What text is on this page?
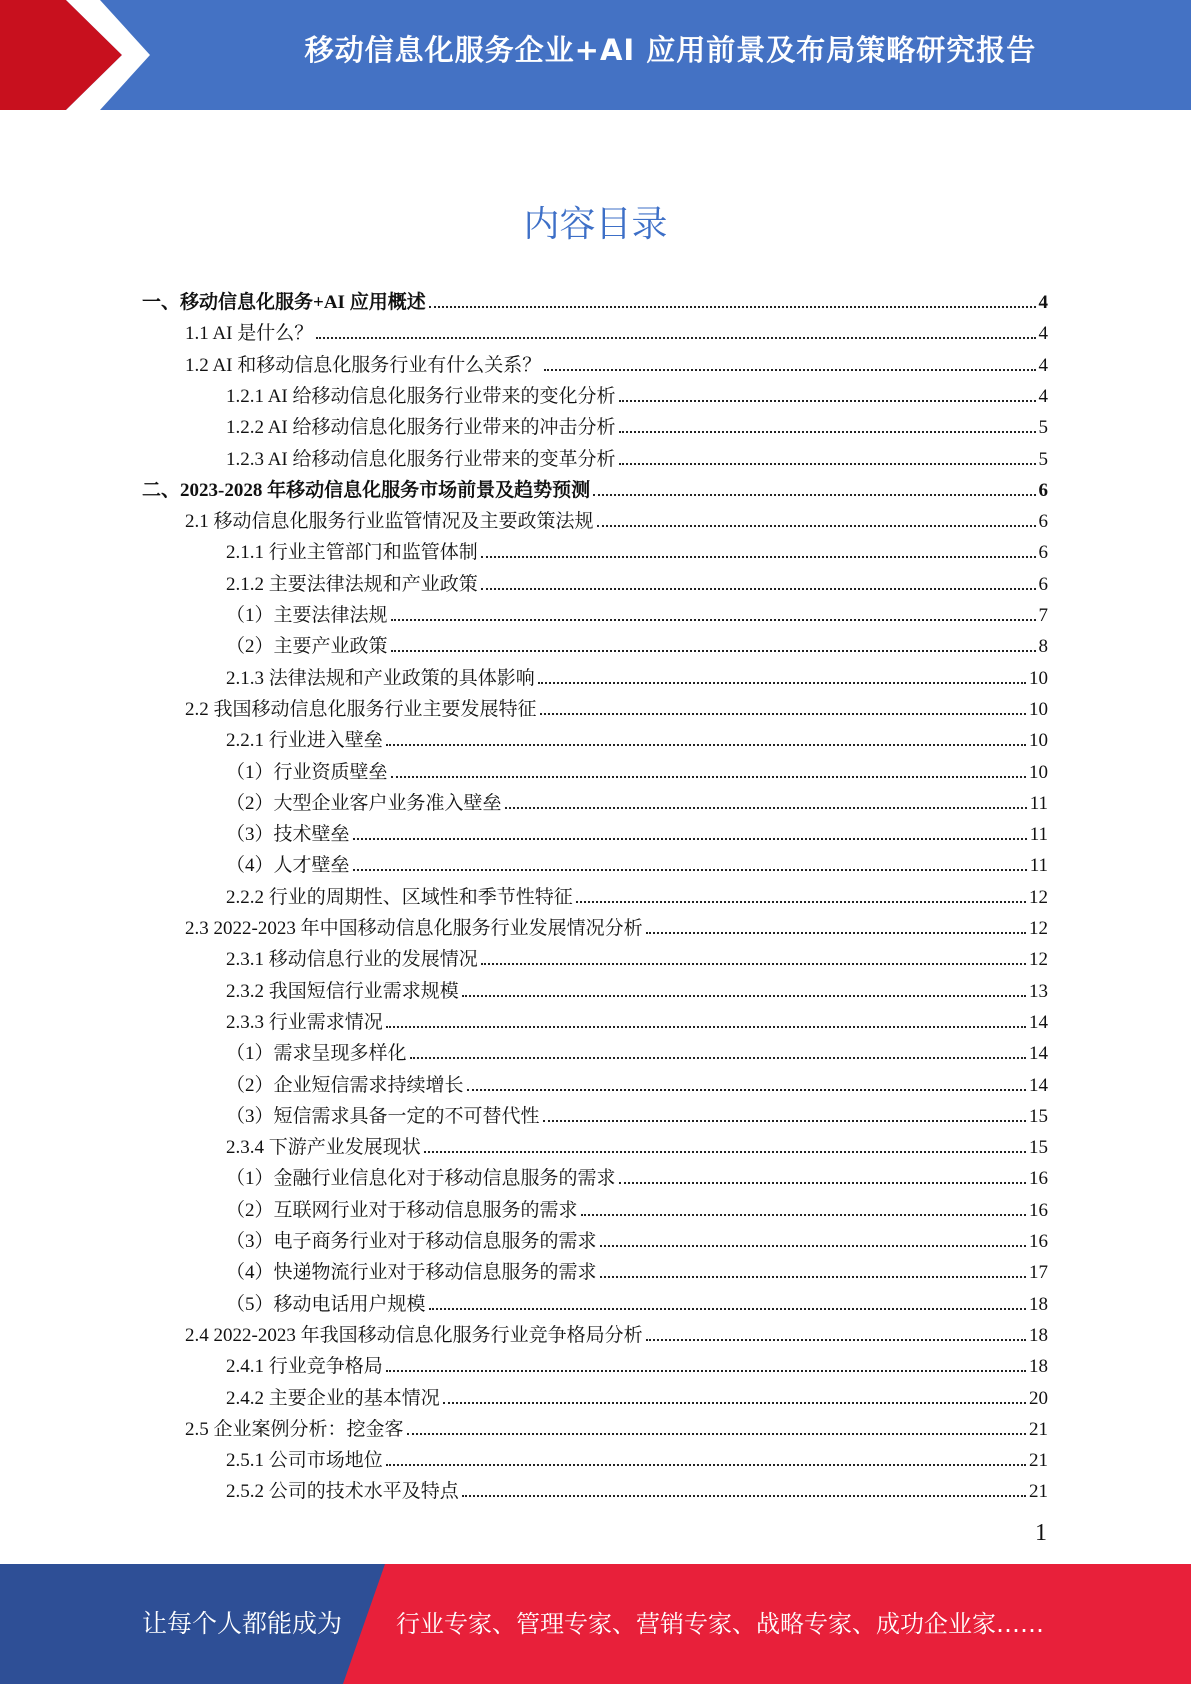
移动信息化服务企业+AI 应用前景及布局策略研究报告
内容目录
一、移动信息化服务+AI 应用概述	4
1.1 AI 是什么？	4
1.2 AI 和移动信息化服务行业有什么关系？	4
1.2.1 AI 给移动信息化服务行业带来的变化分析	4
1.2.2 AI 给移动信息化服务行业带来的冲击分析	5
1.2.3 AI 给移动信息化服务行业带来的变革分析	5
二、2023-2028 年移动信息化服务市场前景及趋势预测	6
2.1 移动信息化服务行业监管情况及主要政策法规	6
2.1.1 行业主管部门和监管体制	6
2.1.2 主要法律法规和产业政策	6
（1）主要法律法规	7
（2）主要产业政策	8
2.1.3 法律法规和产业政策的具体影响	10
2.2 我国移动信息化服务行业主要发展特征	10
2.2.1 行业进入壁垒	10
（1）行业资质壁垒	10
（2）大型企业客户业务准入壁垒	11
（3）技术壁垒	11
（4）人才壁垒	11
2.2.2 行业的周期性、区域性和季节性特征	12
2.3 2022-2023 年中国移动信息化服务行业发展情况分析	12
2.3.1 移动信息行业的发展情况	12
2.3.2 我国短信行业需求规模	13
2.3.3 行业需求情况	14
（1）需求呈现多样化	14
（2）企业短信需求持续增长	14
（3）短信需求具备一定的不可替代性	15
2.3.4 下游产业发展现状	15
（1）金融行业信息化对于移动信息服务的需求	16
（2）互联网行业对于移动信息服务的需求	16
（3）电子商务行业对于移动信息服务的需求	16
（4）快递物流行业对于移动信息服务的需求	17
（5）移动电话用户规模	18
2.4 2022-2023 年我国移动信息化服务行业竞争格局分析	18
2.4.1 行业竞争格局	18
2.4.2 主要企业的基本情况	20
2.5 企业案例分析：挖金客	21
2.5.1 公司市场地位	21
2.5.2 公司的技术水平及特点	21
1
让每个人都能成为 行业专家、管理专家、营销专家、战略专家、成功企业家……
